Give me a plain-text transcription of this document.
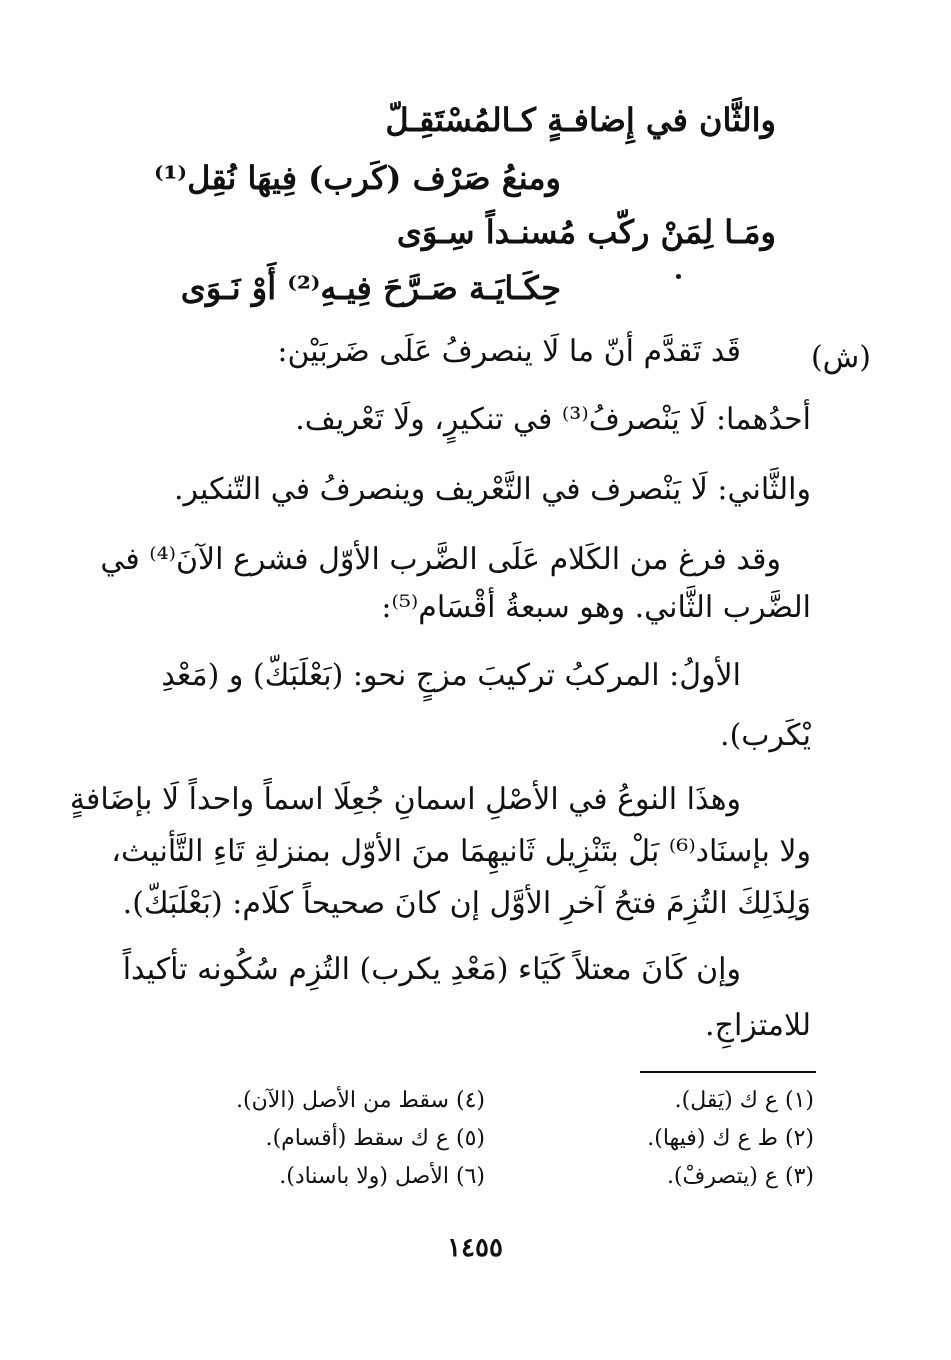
والثَّان في إِضافـةٍ كـالمُسْتَقِـلّ
ومنعُ صَرْف (كَرب) فِيهَا نُقِل⁽¹⁾
ومَـا لِمَنْ ركّب مُسنـداً سِـوَى
حِكَـايَـة صَـرَّحَ فِيـهِ⁽²⁾ أَوْ نَـوَى
(ش)
قَد تَقدَّم أنّ ما لَا ينصرفُ عَلَى ضَربَيْن:
أحدُهما: لَا يَنْصرفُ⁽³⁾ في تنكيرٍ، ولَا تَعْريف.
والثَّاني: لَا يَنْصرف في التَّعْريف وينصرفُ في التّنكير.
وقد فرغ من الكَلام عَلَى الضَّرب الأوّل فشرع الآنَ⁽⁴⁾ في
الضَّرب الثَّاني. وهو سبعةُ أقْسَام⁽⁵⁾:
الأولُ: المركبُ تركيبَ مزجٍ نحو: (بَعْلَبَكّ) و (مَعْدِ
يْكَرب).
وهذَا النوعُ في الأصْلِ اسمانِ جُعِلَا اسماً واحداً لَا بإضَافةٍ
ولا بإسنَاد⁽⁶⁾ بَلْ بتَنْزِيل ثَانيهِمَا منَ الأوّل بمنزلةِ تَاءِ التَّأنيث،
وَلِذَلِكَ التُزِمَ فتحُ آخرِ الأوَّل إن كانَ صحيحاً كلَام: (بَعْلَبَكّ).
وإن كَانَ معتلاً كَيَاء (مَعْدِ يكرب) التُزِم سُكُونه تأكيداً
للامتزاجِ.
(١) ع ك (يَقل).
(٢) ط ع ك (فيها).
(٣) ع (يتصرفْ).
(٤) سقط من الأصل (الآن).
(٥) ع ك سقط (أقسام).
(٦) الأصل (ولا باسناد).
١٤٥٥
